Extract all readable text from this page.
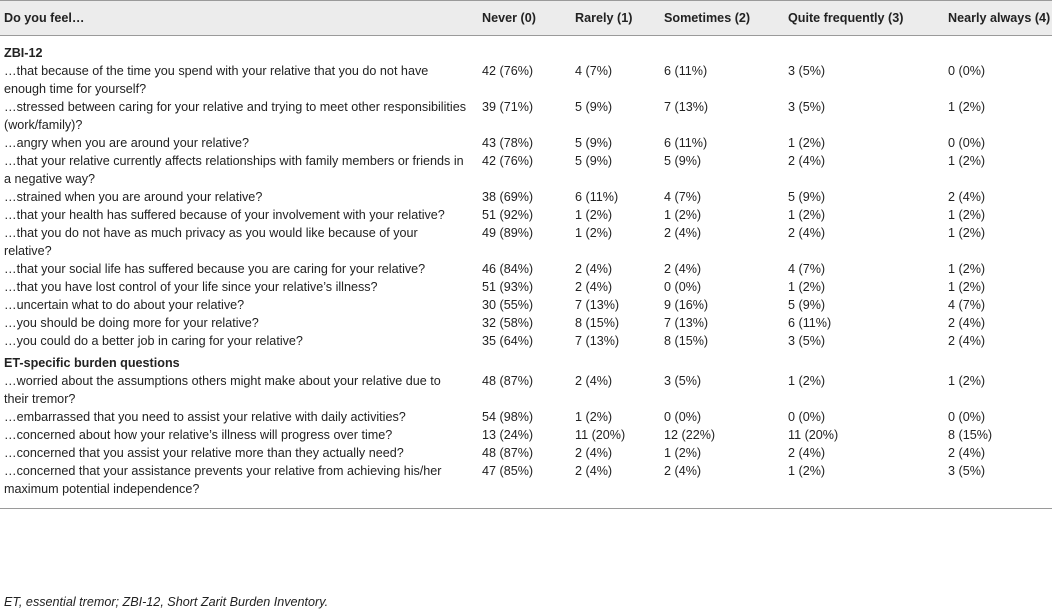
Do you feel…	Never (0)	Rarely (1)	Sometimes (2)	Quite frequently (3)	Nearly always (4)
ZBI-12					
…that because of the time you spend with your relative that you do not have enough time for yourself?	42 (76%)	4 (7%)	6 (11%)	3 (5%)	0 (0%)
…stressed between caring for your relative and trying to meet other responsibilities (work/family)?	39 (71%)	5 (9%)	7 (13%)	3 (5%)	1 (2%)
…angry when you are around your relative?	43 (78%)	5 (9%)	6 (11%)	1 (2%)	0 (0%)
…that your relative currently affects relationships with family members or friends in a negative way?	42 (76%)	5 (9%)	5 (9%)	2 (4%)	1 (2%)
…strained when you are around your relative?	38 (69%)	6 (11%)	4 (7%)	5 (9%)	2 (4%)
…that your health has suffered because of your involvement with your relative?	51 (92%)	1 (2%)	1 (2%)	1 (2%)	1 (2%)
…that you do not have as much privacy as you would like because of your relative?	49 (89%)	1 (2%)	2 (4%)	2 (4%)	1 (2%)
…that your social life has suffered because you are caring for your relative?	46 (84%)	2 (4%)	2 (4%)	4 (7%)	1 (2%)
…that you have lost control of your life since your relative’s illness?	51 (93%)	2 (4%)	0 (0%)	1 (2%)	1 (2%)
…uncertain what to do about your relative?	30 (55%)	7 (13%)	9 (16%)	5 (9%)	4 (7%)
…you should be doing more for your relative?	32 (58%)	8 (15%)	7 (13%)	6 (11%)	2 (4%)
…you could do a better job in caring for your relative?	35 (64%)	7 (13%)	8 (15%)	3 (5%)	2 (4%)
ET-specific burden questions					
…worried about the assumptions others might make about your relative due to their tremor?	48 (87%)	2 (4%)	3 (5%)	1 (2%)	1 (2%)
…embarrassed that you need to assist your relative with daily activities?	54 (98%)	1 (2%)	0 (0%)	0 (0%)	0 (0%)
…concerned about how your relative’s illness will progress over time?	13 (24%)	11 (20%)	12 (22%)	11 (20%)	8 (15%)
…concerned that you assist your relative more than they actually need?	48 (87%)	2 (4%)	1 (2%)	2 (4%)	2 (4%)
…concerned that your assistance prevents your relative from achieving his/her maximum potential independence?	47 (85%)	2 (4%)	2 (4%)	1 (2%)	3 (5%)

ET, essential tremor; ZBI-12, Short Zarit Burden Inventory.
